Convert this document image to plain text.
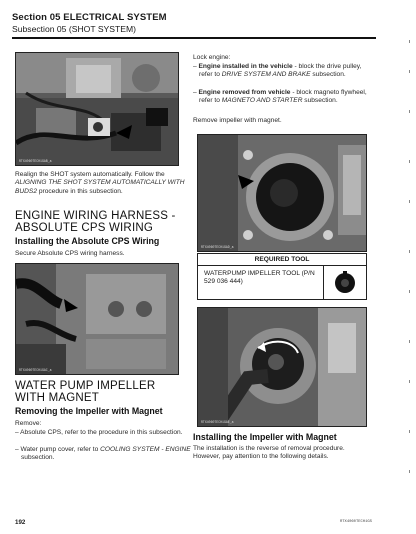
Section 05 ELECTRICAL SYSTEM
Subsection 05 (SHOT SYSTEM)
RTX4060TECH1GAB_a
Realign the SHOT system automatically. Follow the ALIGNING THE SHOT SYSTEM AUTOMATICALLY WITH BUDS2 procedure in this subsection.
ENGINE WIRING HARNESS - ABSOLUTE CPS WIRING
Installing the Absolute CPS Wiring
Secure Absolute CPS wiring harness.
RTX4060TECH1GAC_a
WATER PUMP IMPELLER WITH MAGNET
Removing the Impeller with Magnet
Remove:
– Absolute CPS, refer to the procedure in this subsection.
– Water pump cover, refer to COOLING SYSTEM - ENGINE subsection.
Lock engine:
– Engine installed in the vehicle - block the drive pulley, refer to DRIVE SYSTEM AND BRAKE subsection.
– Engine removed from vehicle - block magneto flywheel, refer to MAGNETO AND STARTER subsection.
Remove impeller with magnet.
RTX4060TECH1GAD_a
REQUIRED TOOL
WATERPUMP IMPELLER TOOL (P/N 529 036 444)
RTX4060TECH1GAE_a
Installing the Impeller with Magnet
The installation is the reverse of removal procedure. However, pay attention to the following details.
192	RTX4060TECH1GS
